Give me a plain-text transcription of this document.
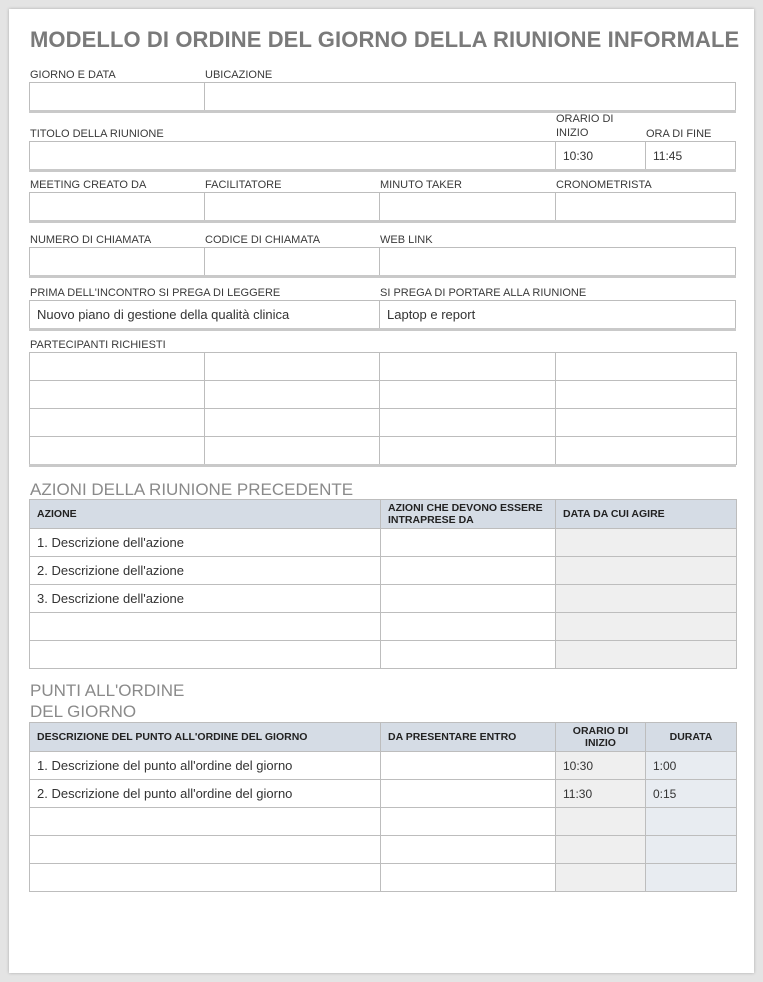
MODELLO DI ORDINE DEL GIORNO DELLA RIUNIONE INFORMALE
GIORNO E DATA	UBICAZIONE
TITOLO DELLA RIUNIONE
ORARIO DI INIZIO	ORA DI FINE
10:30	11:45
MEETING CREATO DA	FACILITATORE	MINUTO TAKER	CRONOMETRISTA
NUMERO DI CHIAMATA	CODICE DI CHIAMATA	WEB LINK
PRIMA DELL'INCONTRO SI PREGA DI LEGGERE	SI PREGA DI PORTARE ALLA RIUNIONE
Nuovo piano di gestione della qualità clinica	Laptop e report
PARTECIPANTI RICHIESTI

AZIONI DELLA RIUNIONE PRECEDENTE
AZIONE	AZIONI CHE DEVONO ESSERE INTRAPRESE DA	DATA DA CUI AGIRE
1. Descrizione dell'azione		
2. Descrizione dell'azione		
3. Descrizione dell'azione		

PUNTI ALL'ORDINE
DEL GIORNO
DESCRIZIONE DEL PUNTO ALL'ORDINE DEL GIORNO	DA PRESENTARE ENTRO	ORARIO DI INIZIO	DURATA
1. Descrizione del punto all'ordine del giorno		10:30	1:00
2. Descrizione del punto all'ordine del giorno		11:30	0:15
